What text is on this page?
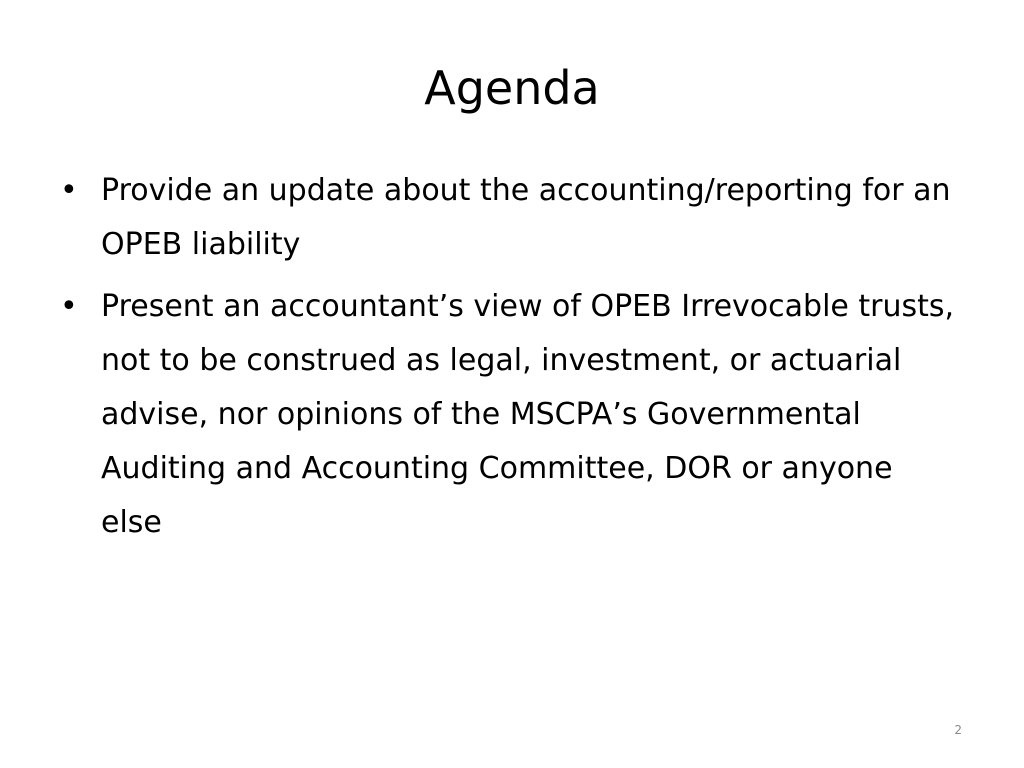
Agenda
• Provide an update about the accounting/reporting for an OPEB liability
• Present an accountant’s view of OPEB Irrevocable trusts, not to be construed as legal, investment, or actuarial advise, nor opinions of the MSCPA’s Governmental Auditing and Accounting Committee, DOR or anyone else
2
